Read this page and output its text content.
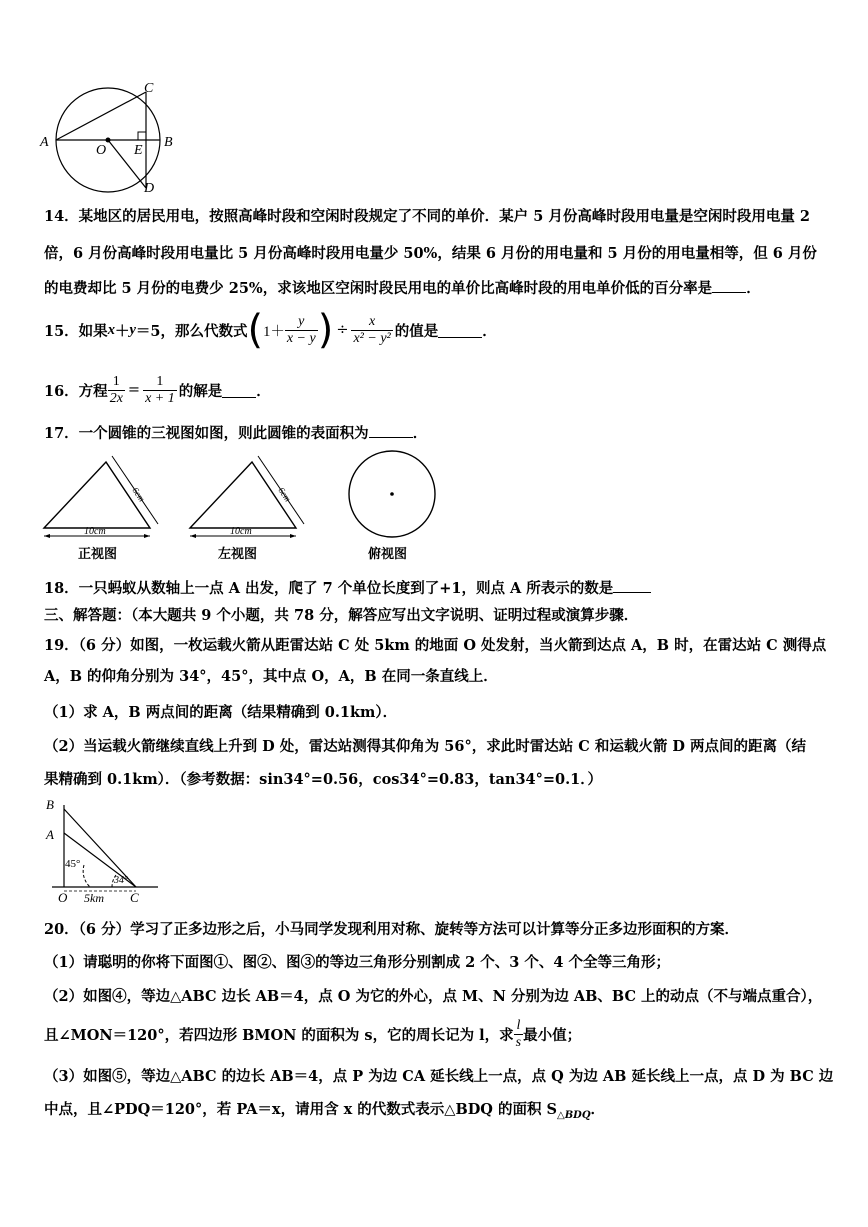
A	B
C
D
E
O
14．某地区的居民用电，按照高峰时段和空闲时段规定了不同的单价．某户 5 月份高峰时段用电量是空闲时段用电量 2
倍，6 月份高峰时段用电量比 5 月份高峰时段用电量少 50%，结果 6 月份的用电量和 5 月份的用电量相等，但 6 月份
的电费却比 5 月份的电费少 25%，求该地区空闲时段民用电的单价比高峰时段的用电单价低的百分率是 ．
15．如果 x ＋ y ＝5，那么代数式 ( $1+ \frac{y}{x - y}$ ) ÷ $\frac{x}{\text{x² − y²}}$ 的值是	．
16．方程 $\frac{1}{2x} = \frac{1}{x + 1}$ 的解是 ．
17．一个圆锥的三视图如图，则此圆锥的表面积为	．
10cm
6cm
10cm
6cm
正视图	左视图	俯视图
18．一只蚂蚁从数轴上一点 A 出发，爬了 7 个单位长度到了+1，则点 A 所表示的数是
三、解答题：（本大题共 9 个小题，共 78 分，解答应写出文字说明、证明过程或演算步骤．
19．（6 分）如图，一枚运载火箭从距雷达站 C 处 5km 的地面 O 处发射，当火箭到达点 A，B 时，在雷达站 C 测得点
A，B 的仰角分别为 34°，45°，其中点 O，A，B 在同一条直线上．
（1）求 A，B 两点间的距离（结果精确到 0.1km）．
（2）当运载火箭继续直线上升到 D 处，雷达站测得其仰角为 56°，求此时雷达站 C 和运载火箭 D 两点间的距离（结
果精确到 0.1km）．（参考数据：sin34°=0.56，cos34°=0.83，tan34°=0.1．）
B
A
45°
34°
O 5km C
20．（6 分）学习了正多边形之后，小马同学发现利用对称、旋转等方法可以计算等分正多边形面积的方案．
（1）请聪明的你将下面图①、图②、图③的等边三角形分别割成 2 个、3 个、4 个全等三角形；
（2）如图④，等边△ABC 边长 AB＝4，点 O 为它的外心，点 M、N 分别为边 AB、BC 上的动点（不与端点重合），
且∠MON＝120°，若四边形 BMON 的面积为 s，它的周长记为 l，求 $\frac{l}{s}$ 最小值；
（3）如图⑤，等边△ABC 的边长 AB＝4，点 P 为边 CA 延长线上一点，点 Q 为边 AB 延长线上一点，点 D 为 BC 边
中点，且∠PDQ＝120°，若 PA＝x，请用含 x 的代数式表示△BDQ 的面积 $S_{\triangle BDQ}$．
